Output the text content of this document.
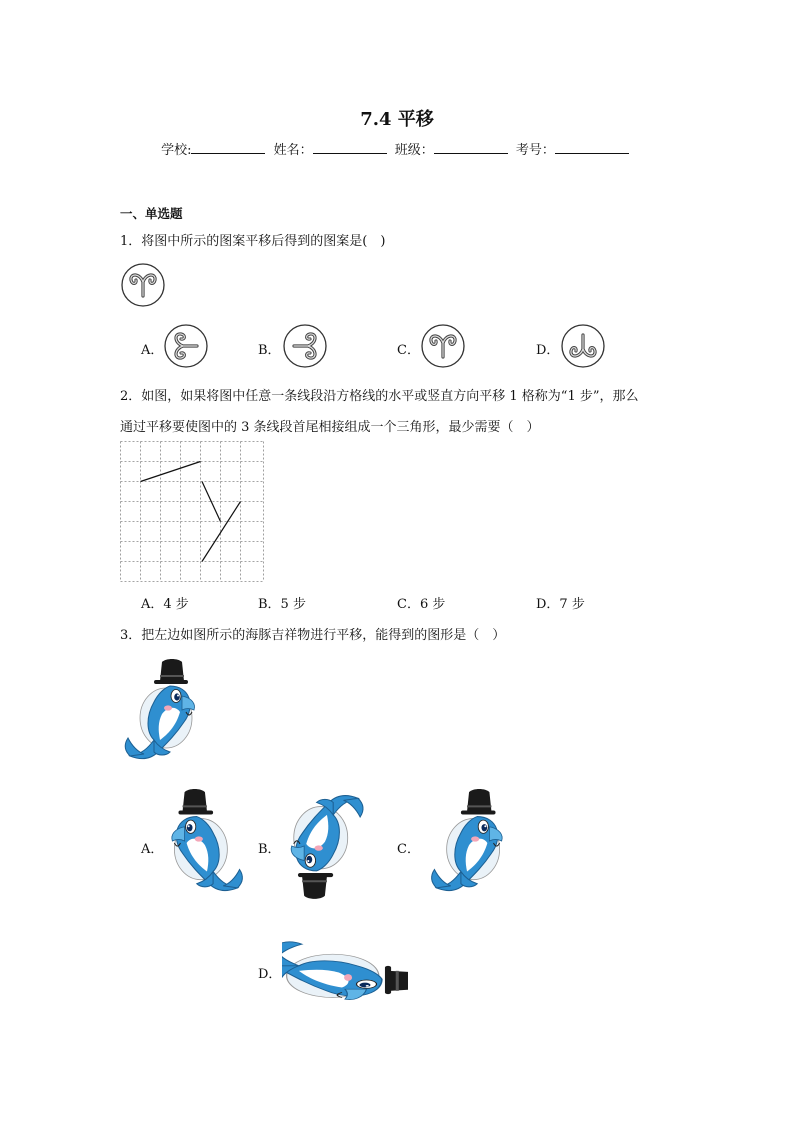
7.4 平移
学校:	姓名：	班级：	考号：
一、单选题
1．将图中所示的图案平移后得到的图案是(　)
A．	B．	C．	D．
2．如图，如果将图中任意一条线段沿方格线的水平或竖直方向平移 1 格称为“1 步”，那么
通过平移要使图中的 3 条线段首尾相接组成一个三角形，最少需要（　）
A．4 步	B．5 步	C．6 步	D．7 步
3．把左边如图所示的海豚吉祥物进行平移，能得到的图形是（　）
A．	B．	C．
D．
